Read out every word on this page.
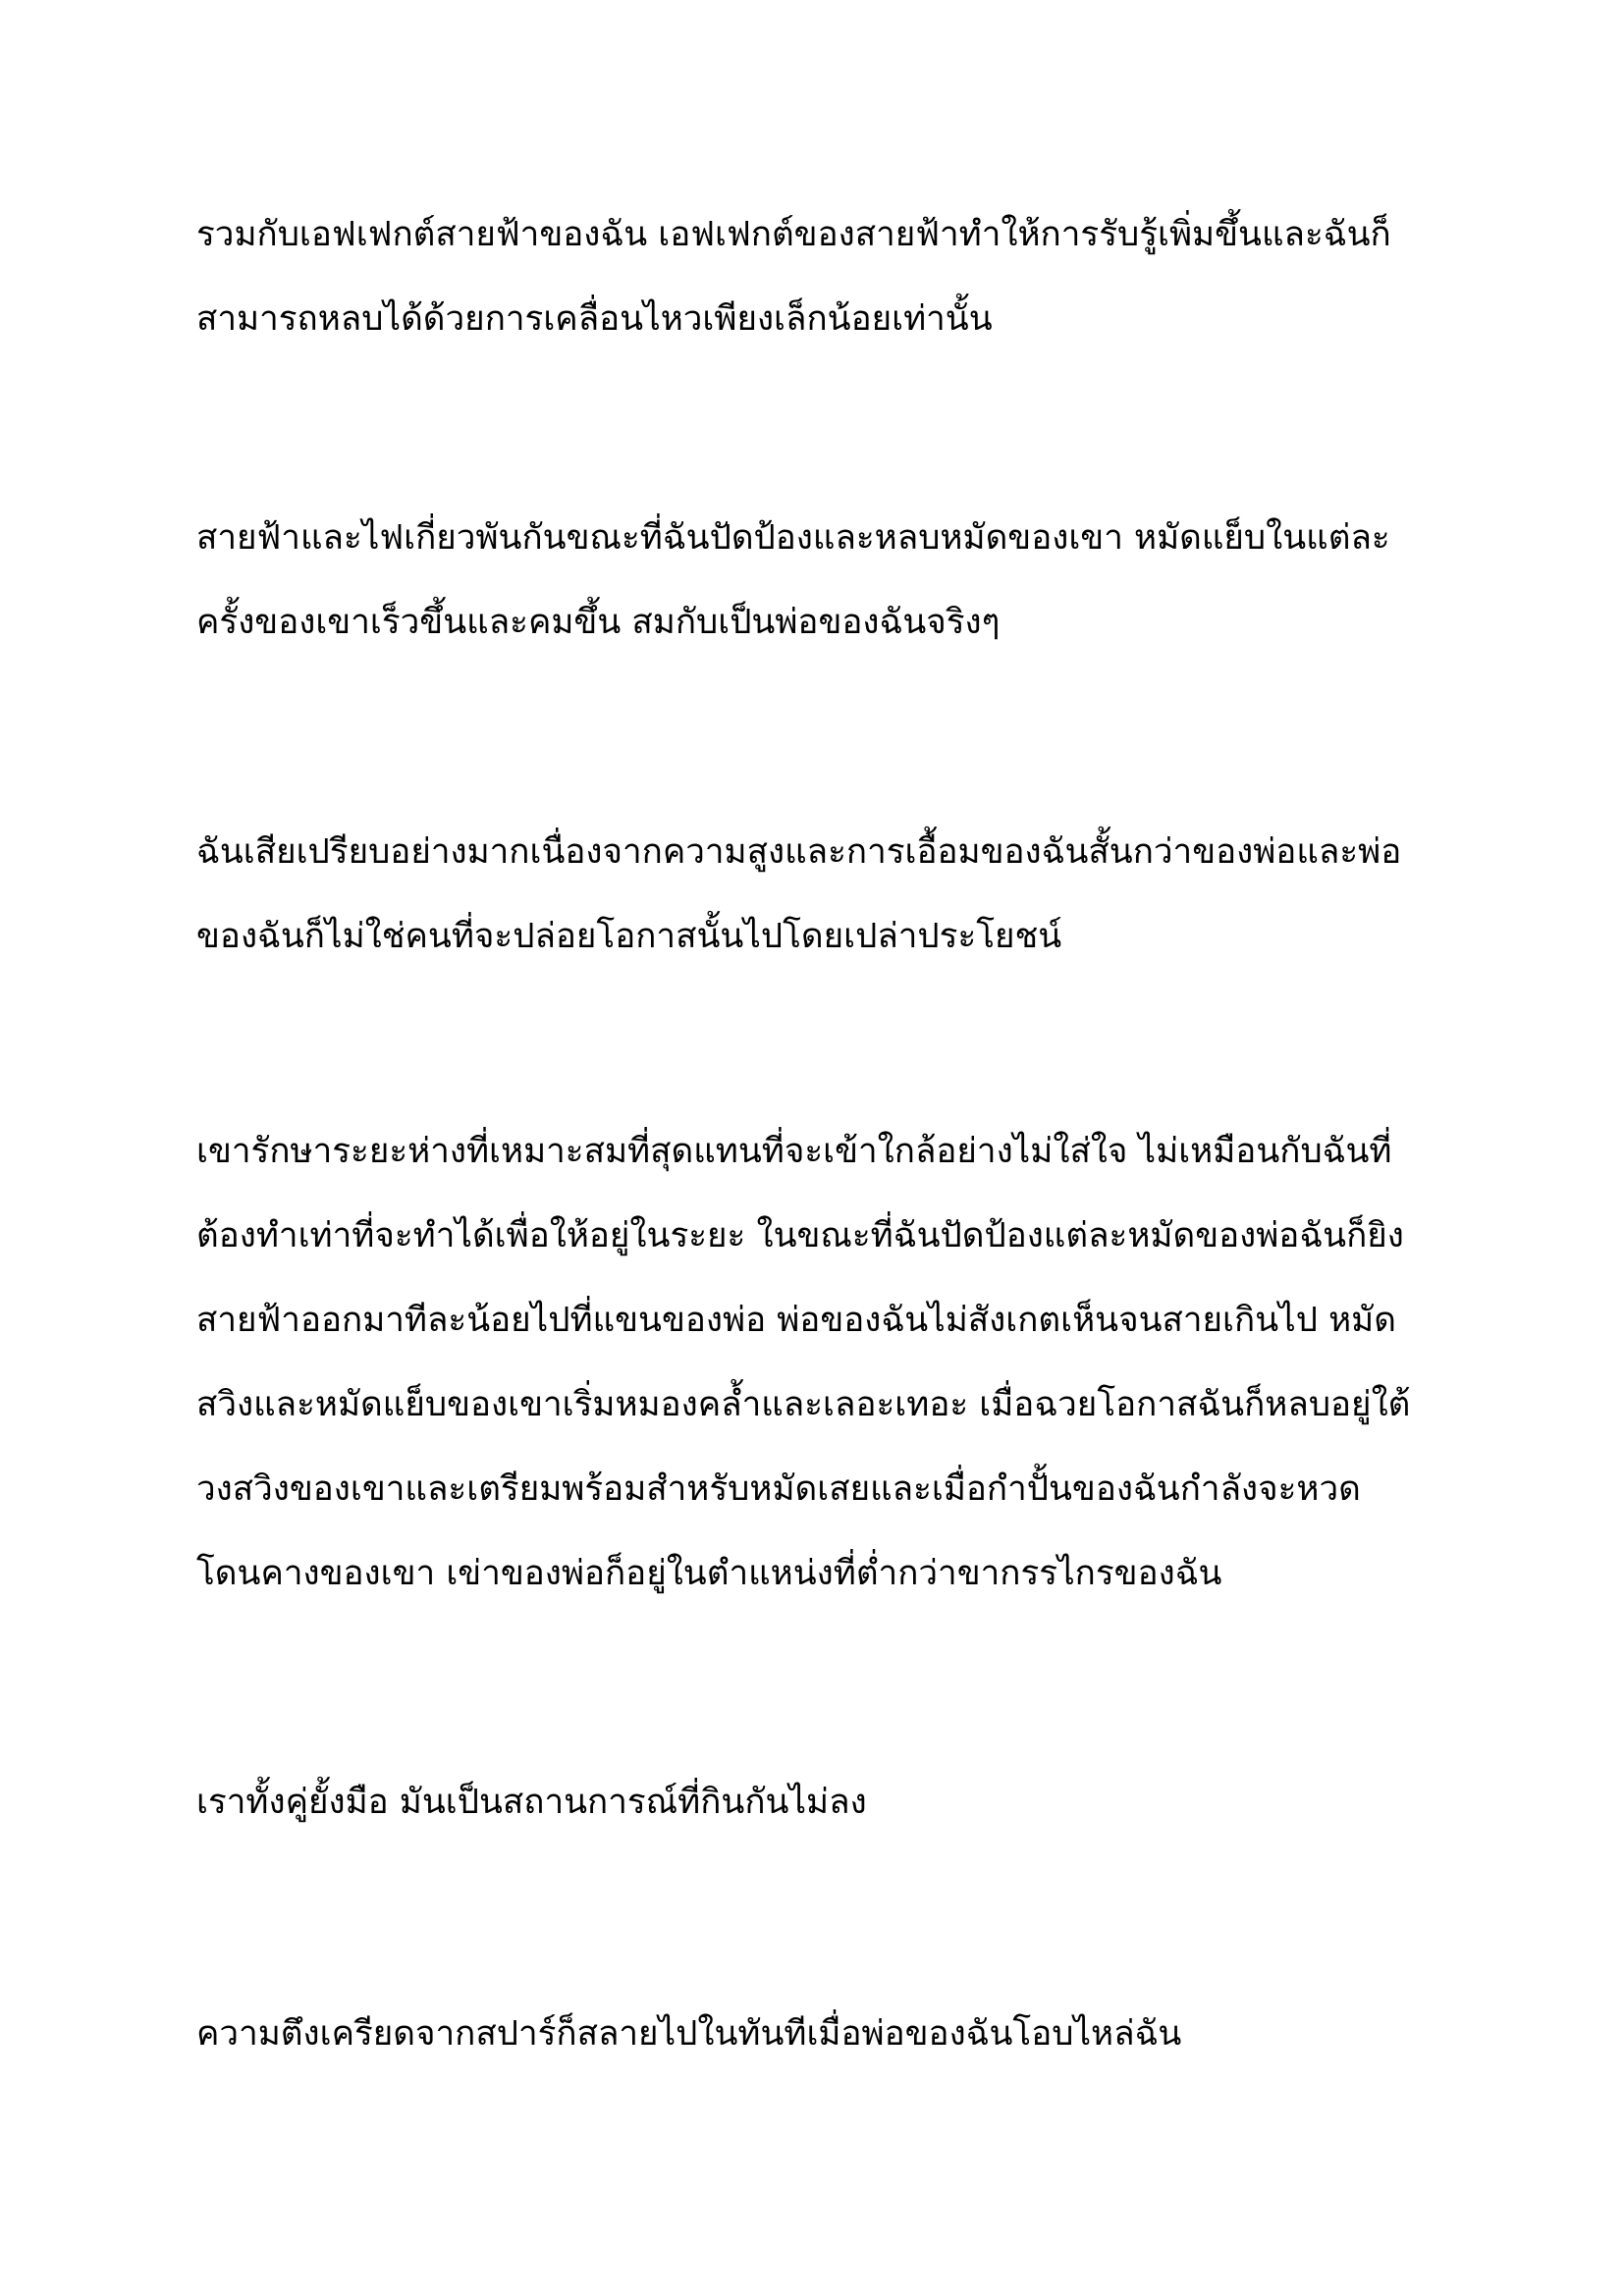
รวมกับเอฟเฟกต์สายฟ้าของฉัน เอฟเฟกต์ของสายฟ้าทำให้การรับรู้เพิ่มขึ้นและฉันก็
สามารถหลบได้ด้วยการเคลื่อนไหวเพียงเล็กน้อยเท่านั้น

สายฟ้าและไฟเกี่ยวพันกันขณะที่ฉันปัดป้องและหลบหมัดของเขา หมัดแย็บในแต่ละ
ครั้งของเขาเร็วขึ้นและคมขึ้น สมกับเป็นพ่อของฉันจริงๆ

ฉันเสียเปรียบอย่างมากเนื่องจากความสูงและการเอื้อมของฉันสั้นกว่าของพ่อและพ่อ
ของฉันก็ไม่ใช่คนที่จะปล่อยโอกาสนั้นไปโดยเปล่าประโยชน์

เขารักษาระยะห่างที่เหมาะสมที่สุดแทนที่จะเข้าใกล้อย่างไม่ใส่ใจ ไม่เหมือนกับฉันที่
ต้องทำเท่าที่จะทำได้เพื่อให้อยู่ในระยะ ในขณะที่ฉันปัดป้องแต่ละหมัดของพ่อฉันก็ยิง
สายฟ้าออกมาทีละน้อยไปที่แขนของพ่อ พ่อของฉันไม่สังเกตเห็นจนสายเกินไป หมัด
สวิงและหมัดแย็บของเขาเริ่มหมองคล้ำและเลอะเทอะ เมื่อฉวยโอกาสฉันก็หลบอยู่ใต้
วงสวิงของเขาและเตรียมพร้อมสำหรับหมัดเสยและเมื่อกำปั้นของฉันกำลังจะหวด
โดนคางของเขา เข่าของพ่อก็อยู่ในตำแหน่งที่ต่ำกว่าขากรรไกรของฉัน

เราทั้งคู่ยั้งมือ มันเป็นสถานการณ์ที่กินกันไม่ลง

ความตึงเครียดจากสปาร์ก็สลายไปในทันทีเมื่อพ่อของฉันโอบไหล่ฉัน
